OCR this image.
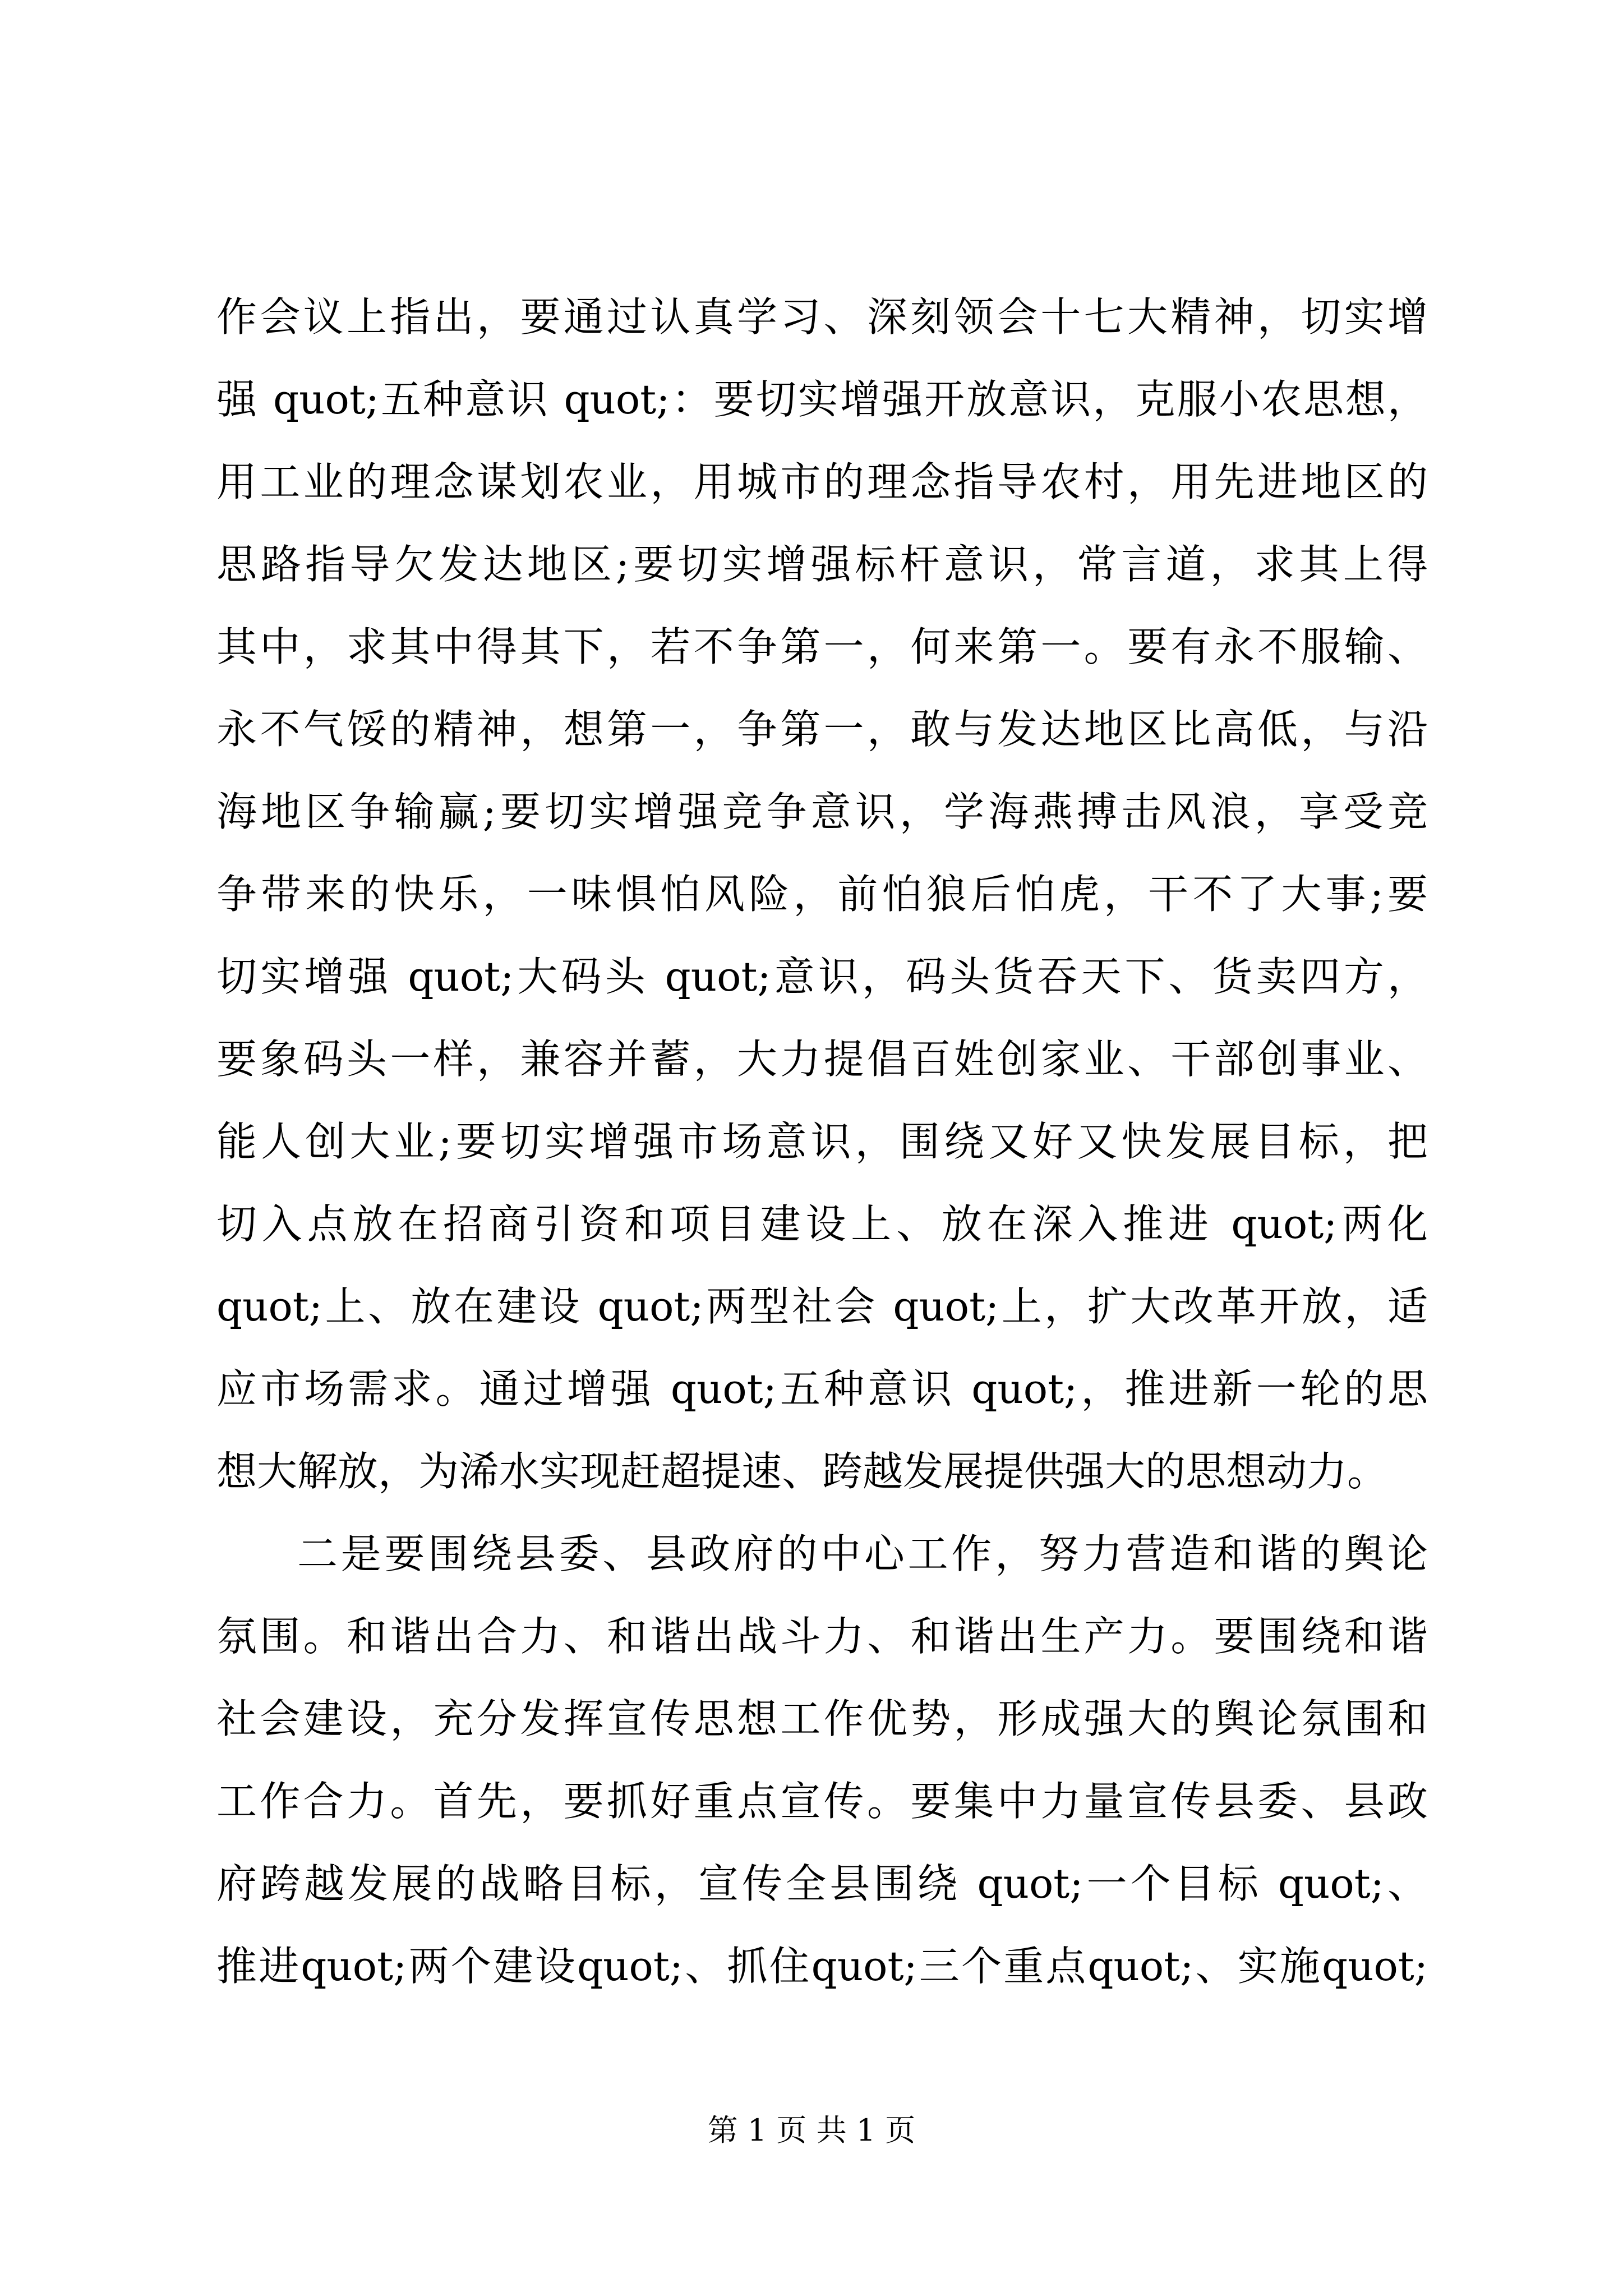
作会议上指出，要通过认真学习、深刻领会十七大精神，切实增
强 quot;五种意识 quot;：要切实增强开放意识，克服小农思想，
用工业的理念谋划农业，用城市的理念指导农村，用先进地区的
思路指导欠发达地区;要切实增强标杆意识，常言道，求其上得
其中，求其中得其下，若不争第一，何来第一。要有永不服输、
永不气馁的精神，想第一，争第一，敢与发达地区比高低，与沿
海地区争输赢;要切实增强竞争意识，学海燕搏击风浪，享受竞
争带来的快乐，一味惧怕风险，前怕狼后怕虎，干不了大事;要
切实增强 quot;大码头 quot;意识，码头货吞天下、货卖四方，
要象码头一样，兼容并蓄，大力提倡百姓创家业、干部创事业、
能人创大业;要切实增强市场意识，围绕又好又快发展目标，把
切入点放在招商引资和项目建设上、放在深入推进 quot;两化
quot;上、放在建设 quot;两型社会 quot;上，扩大改革开放，适
应市场需求。通过增强 quot;五种意识 quot;，推进新一轮的思
想大解放，为浠水实现赶超提速、跨越发展提供强大的思想动力。
二是要围绕县委、县政府的中心工作，努力营造和谐的舆论
氛围。和谐出合力、和谐出战斗力、和谐出生产力。要围绕和谐
社会建设，充分发挥宣传思想工作优势，形成强大的舆论氛围和
工作合力。首先，要抓好重点宣传。要集中力量宣传县委、县政
府跨越发展的战略目标，宣传全县围绕 quot;一个目标 quot;、
推进quot;两个建设quot;、抓住quot;三个重点quot;、实施quot;
第 1 页 共 1 页
